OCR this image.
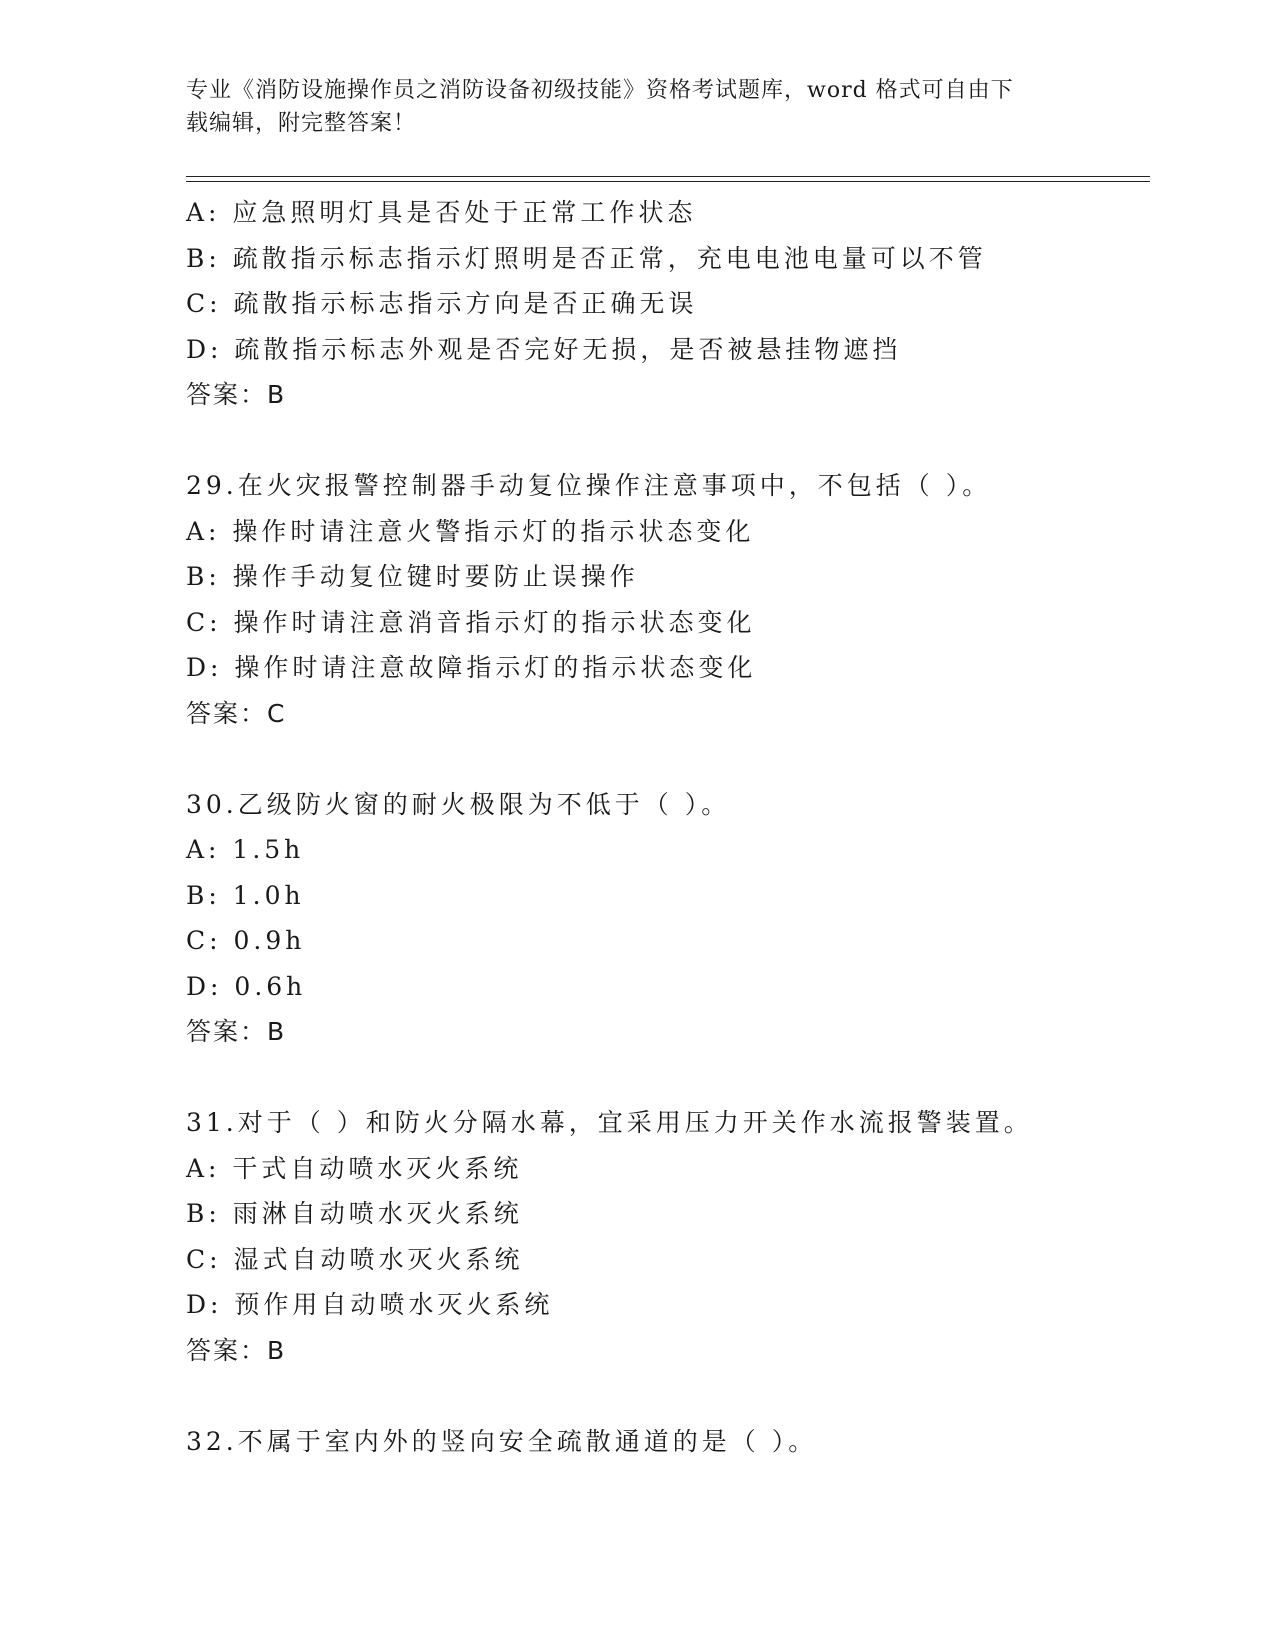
专业《消防设施操作员之消防设备初级技能》资格考试题库，word 格式可自由下
载编辑，附完整答案！
A: 应急照明灯具是否处于正常工作状态
B: 疏散指示标志指示灯照明是否正常，充电电池电量可以不管
C: 疏散指示标志指示方向是否正确无误
D: 疏散指示标志外观是否完好无损，是否被悬挂物遮挡
答案：B
29.在火灾报警控制器手动复位操作注意事项中，不包括（ ）。
A: 操作时请注意火警指示灯的指示状态变化
B: 操作手动复位键时要防止误操作
C: 操作时请注意消音指示灯的指示状态变化
D: 操作时请注意故障指示灯的指示状态变化
答案：C
30.乙级防火窗的耐火极限为不低于（ ）。
A: 1.5h
B: 1.0h
C: 0.9h
D: 0.6h
答案：B
31.对于（ ）和防火分隔水幕，宜采用压力开关作水流报警装置。
A: 干式自动喷水灭火系统
B: 雨淋自动喷水灭火系统
C: 湿式自动喷水灭火系统
D: 预作用自动喷水灭火系统
答案：B
32.不属于室内外的竖向安全疏散通道的是（ ）。
